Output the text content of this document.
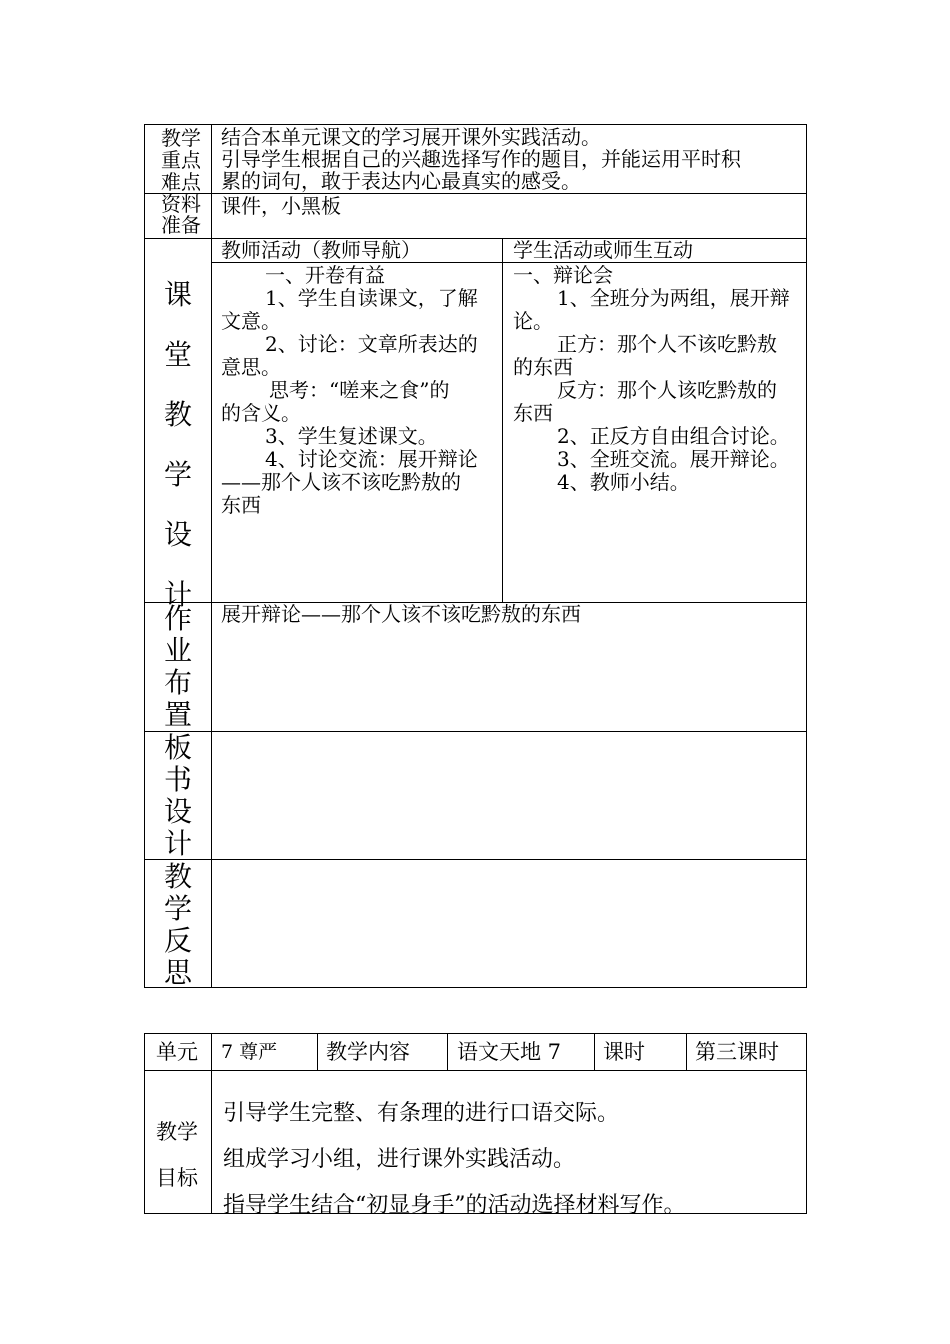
教学

重点

难点

结合本单元课文的学习展开课外实践活动。

引导学生根据自己的兴趣选择写作的题目，并能运用平时积

累的词句，敢于表达内心最真实的感受。

资料

准备

课件，小黑板

课

堂

教

学

设

计

教师活动（教师导航）	学生活动或师生互动

一、开卷有益

1、学生自读课文，了解

文意。

2、讨论：文章所表达的

意思。

思考：“嗟来之食”的

的含义。

3、学生复述课文。

4、讨论交流：展开辩论

——那个人该不该吃黔敖的

东西

一、辩论会

1、全班分为两组，展开辩

论。

正方：那个人不该吃黔敖

的东西

反方：那个人该吃黔敖的

东西

2、正反方自由组合讨论。

3、全班交流。展开辩论。

4、教师小结。

作

业

布

置

展开辩论——那个人该不该吃黔敖的东西

板

书

设

计

教

学

反

思

单元 7 尊严 教学内容 语文天地 7 课时 第三课时
教学
目标
引导学生完整、有条理的进行口语交际。
组成学习小组，进行课外实践活动。
指导学生结合“初显身手”的活动选择材料写作。
